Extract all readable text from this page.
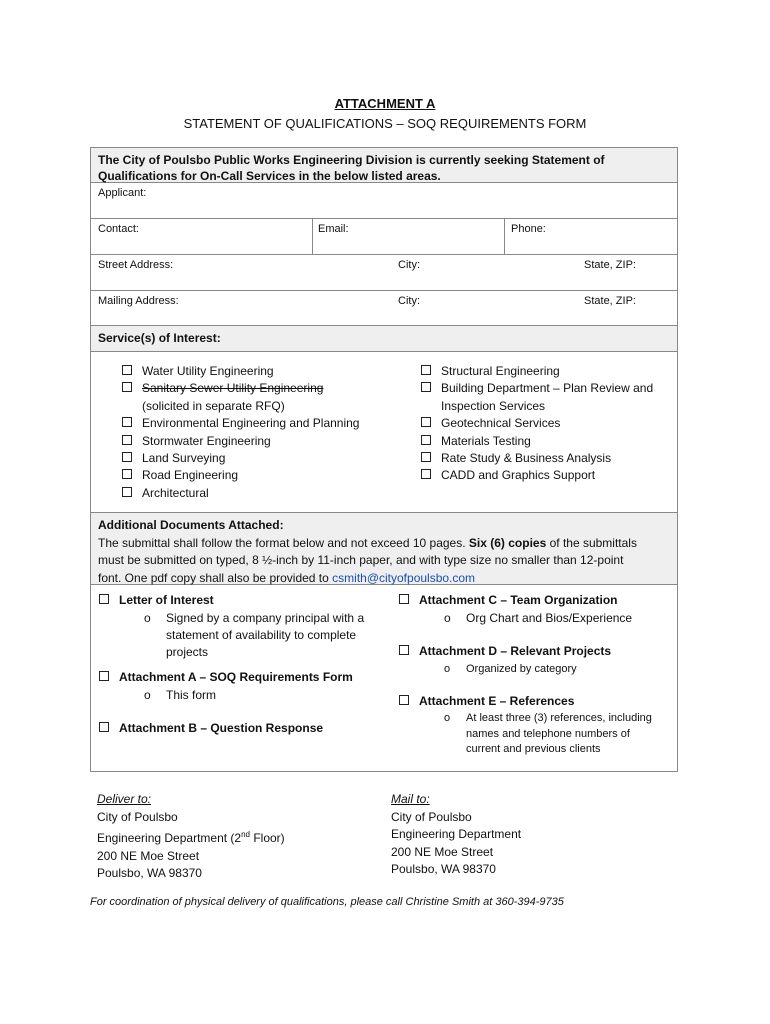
ATTACHMENT A
STATEMENT OF QUALIFICATIONS – SOQ REQUIREMENTS FORM
The City of Poulsbo Public Works Engineering Division is currently seeking Statement of
Qualifications for On-Call Services in the below listed areas.
Applicant:
Contact:	Email:	Phone:
Street Address:	City:	State, ZIP:
Mailing Address:	City:	State, ZIP:
Service(s) of Interest:
Water Utility Engineering
Sanitary Sewer Utility Engineering
(solicited in separate RFQ)
Environmental Engineering and Planning
Stormwater Engineering
Land Surveying
Road Engineering
Architectural
Structural Engineering
Building Department – Plan Review and
Inspection Services
Geotechnical Services
Materials Testing
Rate Study & Business Analysis
CADD and Graphics Support
Additional Documents Attached:
The submittal shall follow the format below and not exceed 10 pages. Six (6) copies of the submittals
must be submitted on typed, 8 ½-inch by 11-inch paper, and with type size no smaller than 12-point
font. One pdf copy shall also be provided to csmith@cityofpoulsbo.com
Letter of Interest
o Signed by a company principal with a
statement of availability to complete
projects
Attachment A – SOQ Requirements Form
o This form
Attachment B – Question Response
Attachment C – Team Organization
o Org Chart and Bios/Experience
Attachment D – Relevant Projects
o Organized by category
Attachment E – References
o At least three (3) references, including
names and telephone numbers of
current and previous clients
Deliver to:
City of Poulsbo
Engineering Department (2nd Floor)
200 NE Moe Street
Poulsbo, WA 98370
Mail to:
City of Poulsbo
Engineering Department
200 NE Moe Street
Poulsbo, WA 98370
For coordination of physical delivery of qualifications, please call Christine Smith at 360-394-9735
